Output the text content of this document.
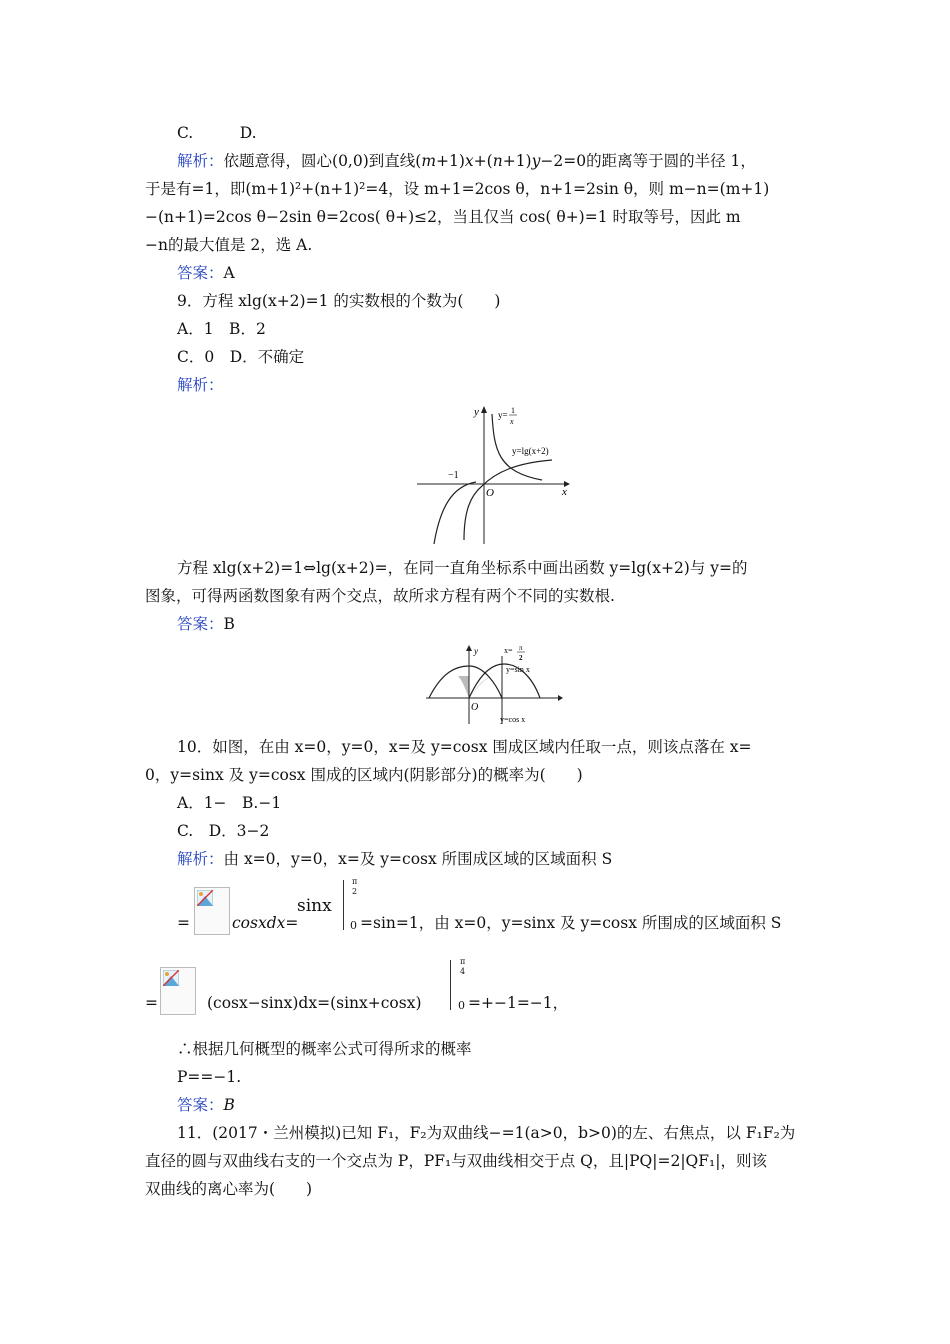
C.　　　D.
解析：依题意得，圆心(0,0)到直线(m+1)x+(n+1)y−2=0的距离等于圆的半径 1，
于是有=1，即(m+1)²+(n+1)²=4，设 m+1=2cos θ，n+1=2sin θ，则 m−n=(m+1)
−(n+1)=2cos θ−2sin θ=2cos( θ+)≤2，当且仅当 cos( θ+)=1 时取等号，因此 m
−n的最大值是 2，选 A.
答案：A
9．方程 xlg(x+2)=1 的实数根的个数为(　　)
A．1　B．2
C．0　D．不确定
解析：
y
x
O
−1
y= 1
x
y=lg(x+2)
方程 xlg(x+2)=1⇔lg(x+2)=，在同一直角坐标系中画出函数 y=lg(x+2)与 y=的
图象，可得两函数图象有两个交点，故所求方程有两个不同的实数根.
答案：B
y
O
x= π
2
y=sin x
y=cos x
10．如图，在由 x=0，y=0，x=及 y=cosx 围成区域内任取一点，则该点落在 x=
0，y=sinx 及 y=cosx 围成的区域内(阴影部分)的概率为(　　)
A．1−　B.−1
C.　D．3−2
解析：由 x=0，y=0，x=及 y=cosx 所围成区域的区域面积 S
=	cosxdx=
sinx
π
2
0 =sin=1，由 x=0，y=sinx 及 y=cosx 所围成的区域面积 S
=	(cosx−sinx)dx=(sinx+cosx)
π
4
0 =+−1=−1，
∴根据几何概型的概率公式可得所求的概率
P==−1.
答案：B
11．(2017・兰州模拟)已知 F₁，F₂为双曲线−=1(a>0，b>0)的左、右焦点，以 F₁F₂为
直径的圆与双曲线右支的一个交点为 P，PF₁与双曲线相交于点 Q，且|PQ|=2|QF₁|，则该
双曲线的离心率为(　　)
